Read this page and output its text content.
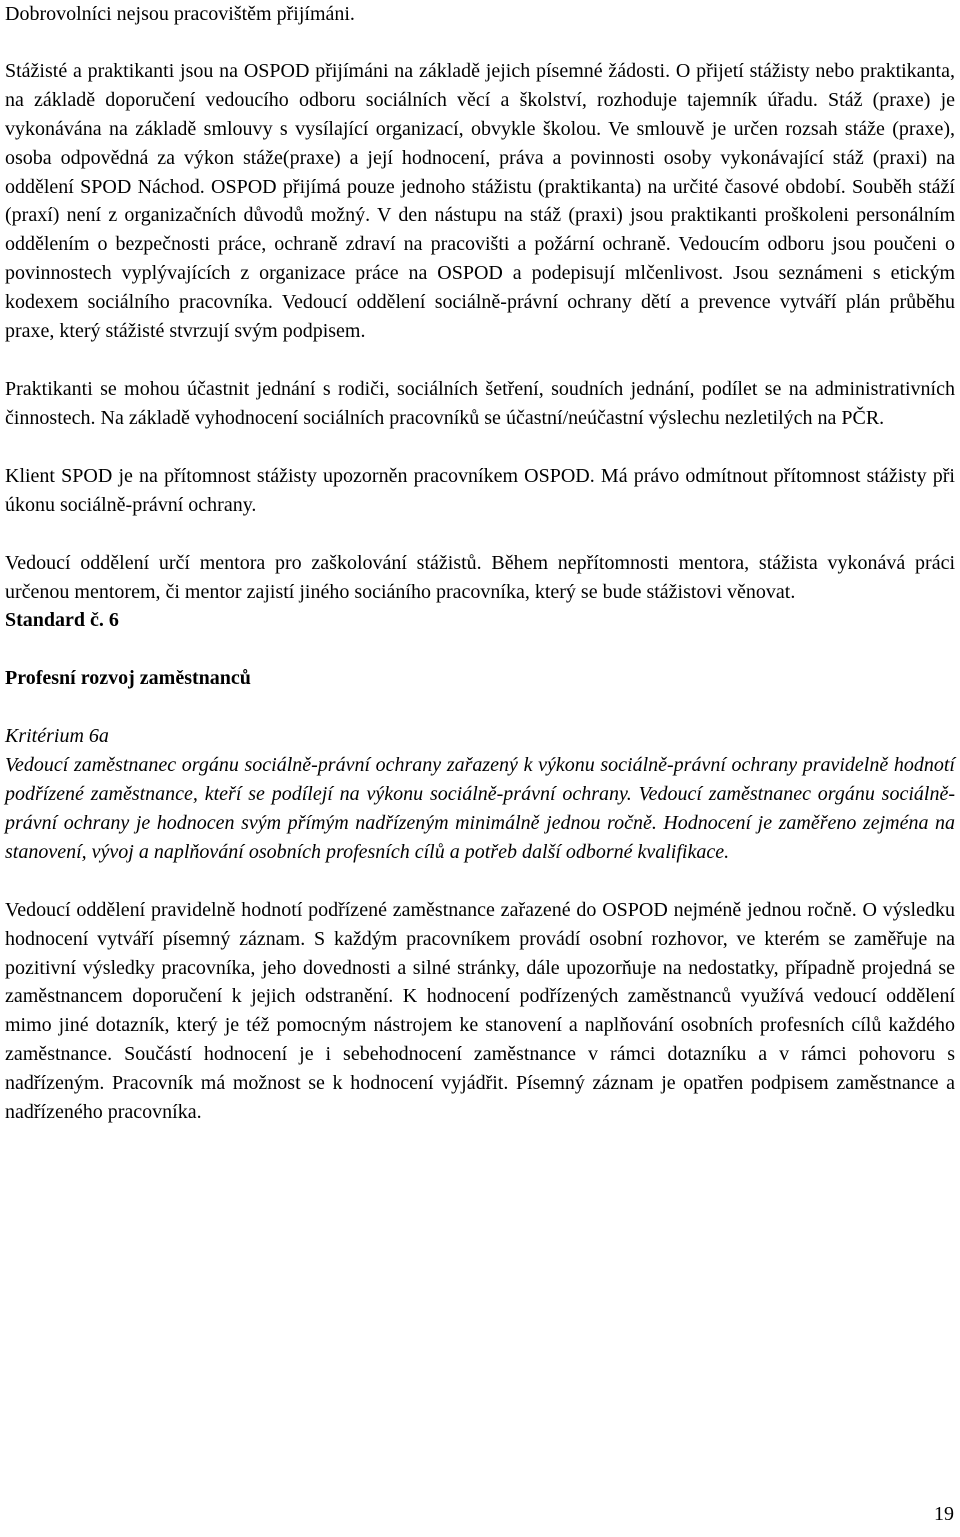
Dobrovolníci nejsou pracovištěm přijímáni.

Stážisté a praktikanti jsou na OSPOD přijímáni na základě jejich písemné žádosti. O přijetí stážisty nebo praktikanta, na základě doporučení vedoucího odboru sociálních věcí a školství, rozhoduje tajemník úřadu. Stáž (praxe) je vykonávána na základě smlouvy s vysílající organizací, obvykle školou. Ve smlouvě je určen rozsah stáže (praxe), osoba odpovědná za výkon stáže(praxe) a její hodnocení, práva a povinnosti osoby vykonávající stáž (praxi) na oddělení SPOD Náchod. OSPOD přijímá pouze jednoho stážistu (praktikanta) na určité časové období. Souběh stáží (praxí) není z organizačních důvodů možný. V den nástupu na stáž (praxi) jsou praktikanti proškoleni personálním oddělením o bezpečnosti práce, ochraně zdraví na pracovišti a požární ochraně. Vedoucím odboru jsou poučeni o povinnostech vyplývajících z organizace práce na OSPOD a podepisují mlčenlivost. Jsou seznámeni s etickým kodexem sociálního pracovníka. Vedoucí oddělení sociálně-právní ochrany dětí a prevence vytváří plán průběhu praxe, který stážisté stvrzují svým podpisem.

Praktikanti se mohou účastnit jednání s rodiči, sociálních šetření, soudních jednání, podílet se na administrativních činnostech. Na základě vyhodnocení sociálních pracovníků se účastní/neúčastní výslechu nezletilých na PČR.

Klient SPOD je na přítomnost stážisty upozorněn pracovníkem OSPOD. Má právo odmítnout přítomnost stážisty při úkonu sociálně-právní ochrany.

Vedoucí oddělení určí mentora pro zaškolování stážistů. Během nepřítomnosti mentora, stážista vykonává práci určenou mentorem, či mentor zajistí jiného sociáního pracovníka, který se bude stážistovi věnovat.

Standard č. 6

Profesní rozvoj zaměstnanců

Kritérium 6a

Vedoucí zaměstnanec orgánu sociálně-právní ochrany zařazený k výkonu sociálně-právní ochrany pravidelně hodnotí podřízené zaměstnance, kteří se podílejí na výkonu sociálně-právní ochrany. Vedoucí zaměstnanec orgánu sociálně-právní ochrany je hodnocen svým přímým nadřízeným minimálně jednou ročně. Hodnocení je zaměřeno zejména na stanovení, vývoj a naplňování osobních profesních cílů a potřeb další odborné kvalifikace.

Vedoucí oddělení pravidelně hodnotí podřízené zaměstnance zařazené do OSPOD nejméně jednou ročně. O výsledku hodnocení vytváří písemný záznam. S každým pracovníkem provádí osobní rozhovor, ve kterém se zaměřuje na pozitivní výsledky pracovníka, jeho dovednosti a silné stránky, dále upozorňuje na nedostatky, případně projedná se zaměstnancem doporučení k jejich odstranění. K hodnocení podřízených zaměstnanců využívá vedoucí oddělení mimo jiné dotazník, který je též pomocným nástrojem ke stanovení a naplňování osobních profesních cílů každého zaměstnance. Součástí hodnocení je i sebehodnocení zaměstnance v rámci dotazníku a v rámci pohovoru s nadřízeným. Pracovník má možnost se k hodnocení vyjádřit. Písemný záznam je opatřen podpisem zaměstnance a nadřízeného pracovníka.

19
